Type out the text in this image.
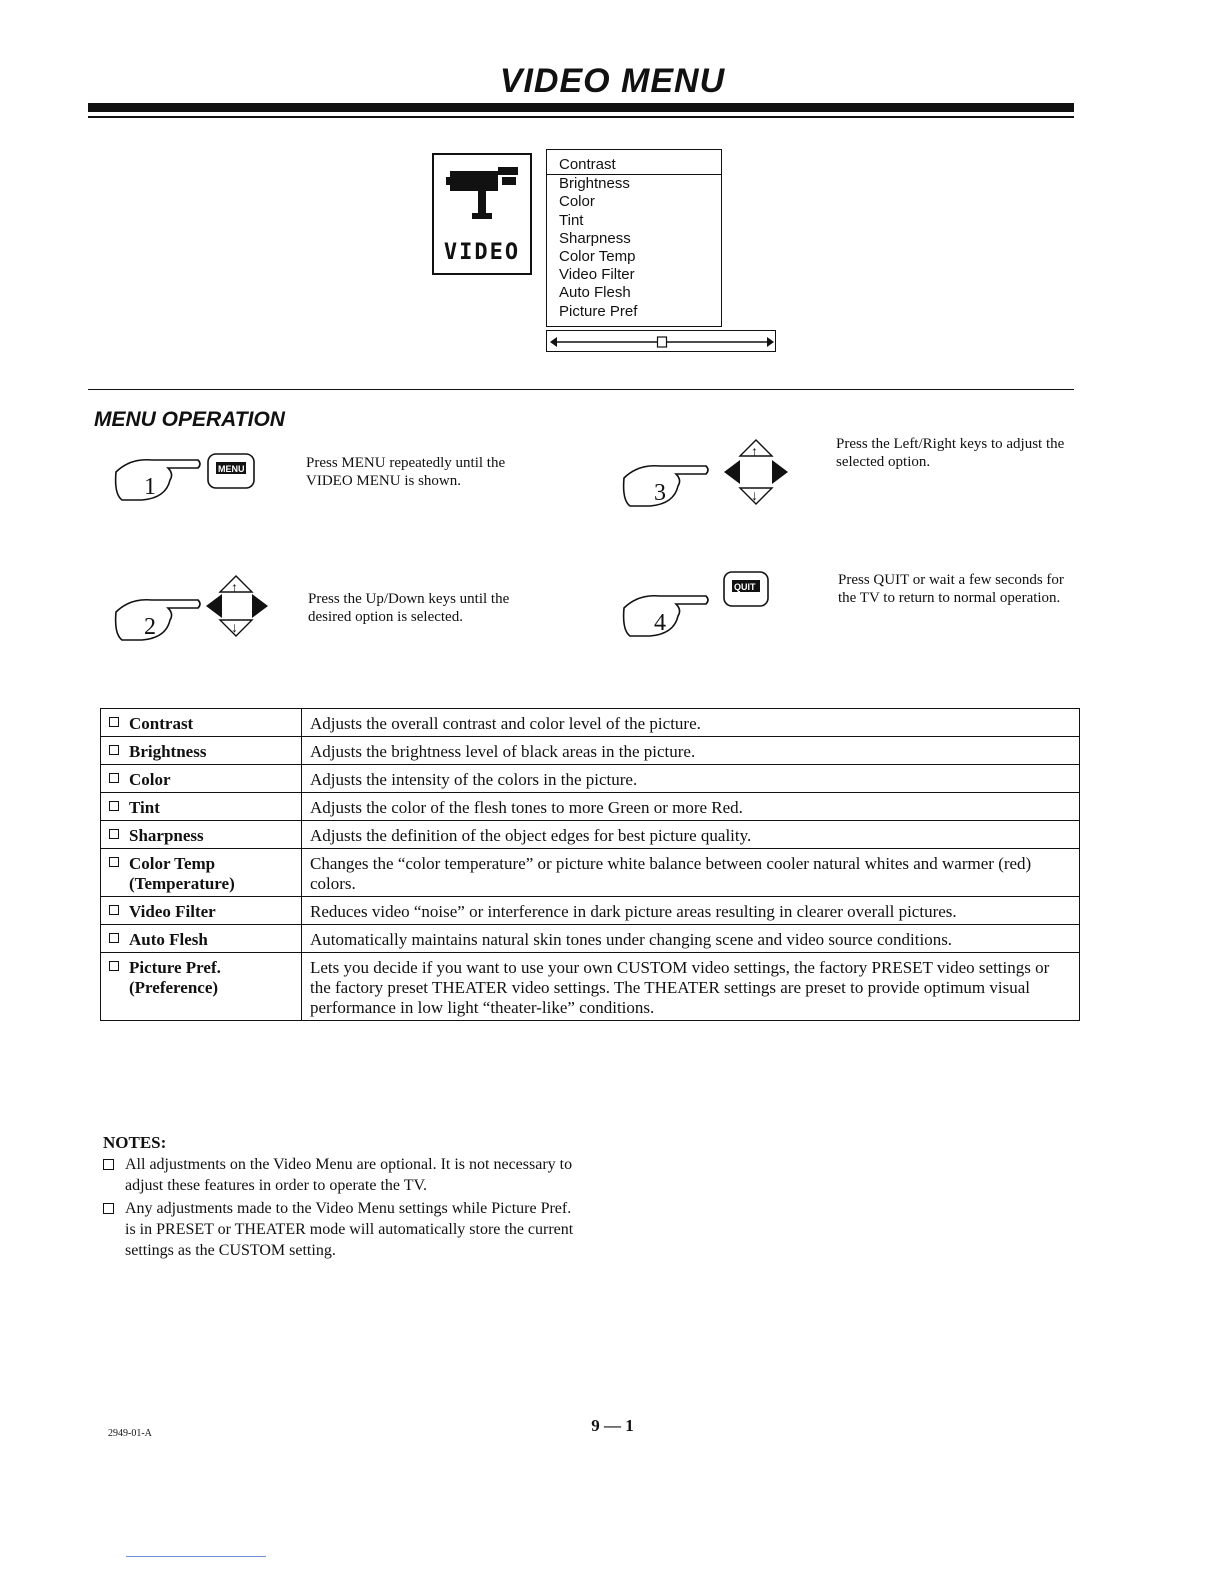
VIDEO MENU
VIDEO
Contrast
Brightness
Color
Tint
Sharpness
Color Temp
Video Filter
Auto Flesh
Picture Pref
MENU OPERATION
1
MENU	Press MENU repeatedly until the VIDEO MENU is shown.
2
↑
↓
Press the Up/Down keys until the desired option is selected.
3
↑
↓
Press the Left/Right keys to adjust the selected option.
4
QUIT	Press QUIT or wait a few seconds for the TV to return to normal operation.
Contrast	Adjusts the overall contrast and color level of the picture.
Brightness	Adjusts the brightness level of black areas in the picture.
Color	Adjusts the intensity of the colors in the picture.
Tint	Adjusts the color of the flesh tones to more Green or more Red.
Sharpness	Adjusts the definition of the object edges for best picture quality.
Color Temp
(Temperature)	Changes the “color temperature” or picture white balance between cooler natural whites and warmer (red) colors.
Video Filter	Reduces video “noise” or interference in dark picture areas resulting in clearer overall pictures.
Auto Flesh	Automatically maintains natural skin tones under changing scene and video source conditions.
Picture Pref.
(Preference)	Lets you decide if you want to use your own CUSTOM video settings, the factory PRESET video settings or the factory preset THEATER video settings. The THEATER settings are preset to provide optimum visual performance in low light “theater-like” conditions.
NOTES:

All adjustments on the Video Menu are optional. It is not necessary to adjust these features in order to operate the TV.

Any adjustments made to the Video Menu settings while Picture Pref. is in PRESET or THEATER mode will automatically store the current settings as the CUSTOM setting.

9 — 1
2949-01-A
